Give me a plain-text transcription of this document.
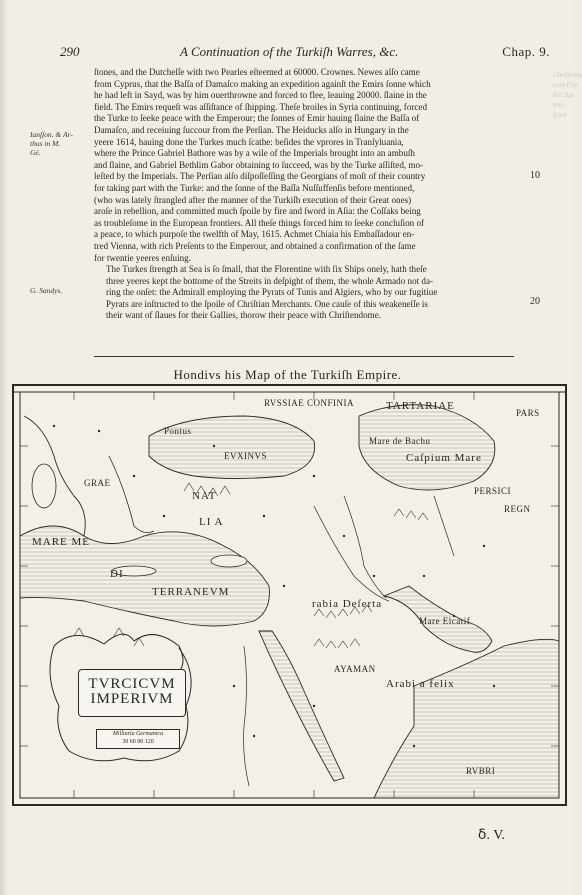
290	A Continuation of the Turkiſh Warres, &c.	Chap. 9.
Ianſſon. & Ar-
thus in M.
Gé.
G. Sandys.
10
20

ſtones, and the Dutcheſſe with two Pearles eſteemed at 60000. Crownes. Newes alſo came
from Cyprus, that the Baſſa of Damaſco making an expedition againſt the Emirs ſonne which
he had left in Sayd, was by him ouerthrowne and forced to flee, leauing 20000. ſlaine in the
field. The Emirs requeſt was aſſiſtance of ſhipping. Theſe broiles in Syria continuing, forced
the Turke to ſeeke peace with the Emperour; the ſonnes of Emir hauing ſlaine the Baſſa of
Damaſco, and receiuing ſuccour from the Perſian. The Heiducks alſo in Hungary in the
yeere 1614, hauing done the Turkes much ſcathe: beſides the vprores in Tranſyluania,
where the Prince Gabriel Bathore was by a wile of the Imperials brought into an ambuſh
and ſlaine, and Gabriel Bethlim Gabor obtaining to ſucceed, was by the Turke aſſiſted, mo-
leſted by the Imperials. The Perſian alſo diſpoſſeſſing the Georgians of moſt of their country
for taking part with the Turke: and the ſonne of the Baſſa Nuſſuffenſis before mentioned,
(who was lately ſtrangled after the manner of the Turkiſh execution of their Great ones)
aroſe in rebellion, and committed much ſpoile by fire and ſword in Aſia: the Coſſaks being
as troubleſome in the European frontiers. All theſe things forced him to ſeeke concluſion of
a peace, to which purpoſe the twelfth of May, 1615. Achmet Chiaia his Embaſſadour en-
tred Vienna, with rich Preſents to the Emperour, and obtained a confirmation of the ſame
for twentie yeeres enſuing.

The Turkes ſtrength at Sea is ſo ſmall, that the Florentine with ſix Ships onely, hath theſe
three yeeres kept the bottome of the Streits in deſpight of them, the whole Armado not da-
ring the onſet: the Admirall employing the Pyrats of Tunis and Algiers, who by our fugitiue
Pyrats are inſtructed to the ſpoile of Chriſtian Merchants. One cauſe of this weakeneſſe is
their want of ſlaues for their Gallies, thorow their peace with Chriſtendome.

Hondivs his Map of the Turkiſh Empire.
RVSSIAE CONFINIA	TARTARIAE
PARS
Pontus
EVXINVS
Mare de Bachu
Caſpium Mare
PERSICI
REGN
NAT
LI A
GRAE
MARE ME
DI
TERRANEVM
rabia Deſerta
Mare Elcatif
AYAMAN
Arabi a felix
RVBRI
TVRCICVM
IMPERIVM
Milliaria Germanica
30 60 90 120
ẟ. V.
Chriſtiano
cum Fra
fert Iup
toni
ſcum
